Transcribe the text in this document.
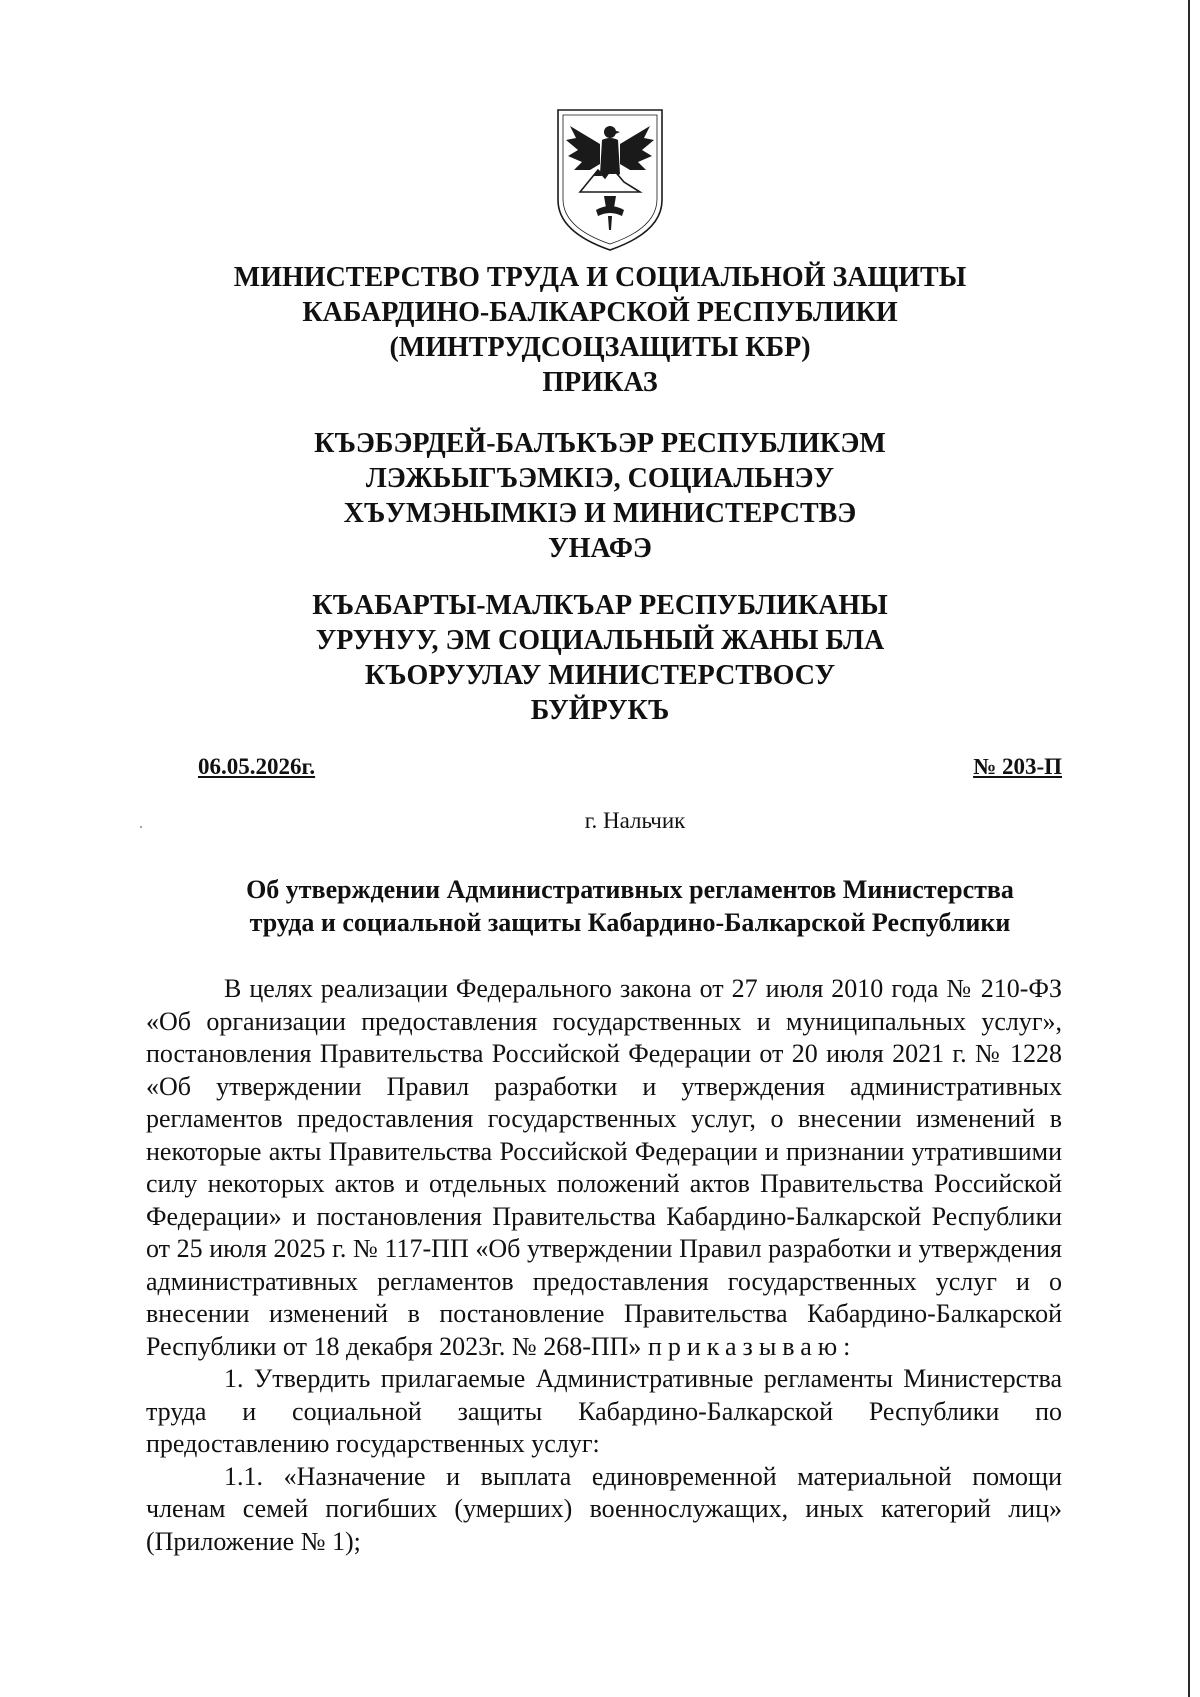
МИНИСТЕРСТВО ТРУДА И СОЦИАЛЬНОЙ ЗАЩИТЫ
КАБАРДИНО-БАЛКАРСКОЙ РЕСПУБЛИКИ
(МИНТРУДСОЦЗАЩИТЫ КБР)
ПРИКАЗ
КЪЭБЭРДЕЙ-БАЛЪКЪЭР РЕСПУБЛИКЭМ
ЛЭЖЬЫГЪЭМКIЭ, СОЦИАЛЬНЭУ
ХЪУМЭНЫМКIЭ И МИНИСТЕРСТВЭ
УНАФЭ
КЪАБАРТЫ-МАЛКЪАР РЕСПУБЛИКАНЫ
УРУНУУ, ЭМ СОЦИАЛЬНЫЙ ЖАНЫ БЛА
КЪОРУУЛАУ МИНИСТЕРСТВОСУ
БУЙРУКЪ
06.05.2026г.	№ 203-П
г. Нальчик
Об утверждении Административных регламентов Министерства
труда и социальной защиты Кабардино-Балкарской Республики

В целях реализации Федерального закона от 27 июля 2010 года № 210-ФЗ «Об организации предоставления государственных и муниципальных услуг», постановления Правительства Российской Федерации от 20 июля 2021 г. № 1228 «Об утверждении Правил разработки и утверждения административных регламентов предоставления государственных услуг, о внесении изменений в некоторые акты Правительства Российской Федерации и признании утратившими силу некоторых актов и отдельных положений актов Правительства Российской Федерации» и постановления Правительства Кабардино-Балкарской Республики от 25 июля 2025 г. № 117-ПП «Об утверждении Правил разработки и утверждения административных регламентов предоставления государственных услуг и о внесении изменений в постановление Правительства Кабардино-Балкарской Республики от 18 декабря 2023г. № 268-ПП» приказываю:

1. Утвердить прилагаемые Административные регламенты Министерства труда и социальной защиты Кабардино-Балкарской Республики по предоставлению государственных услуг:

1.1. «Назначение и выплата единовременной материальной помощи членам семей погибших (умерших) военнослужащих, иных категорий лиц» (Приложение № 1);
